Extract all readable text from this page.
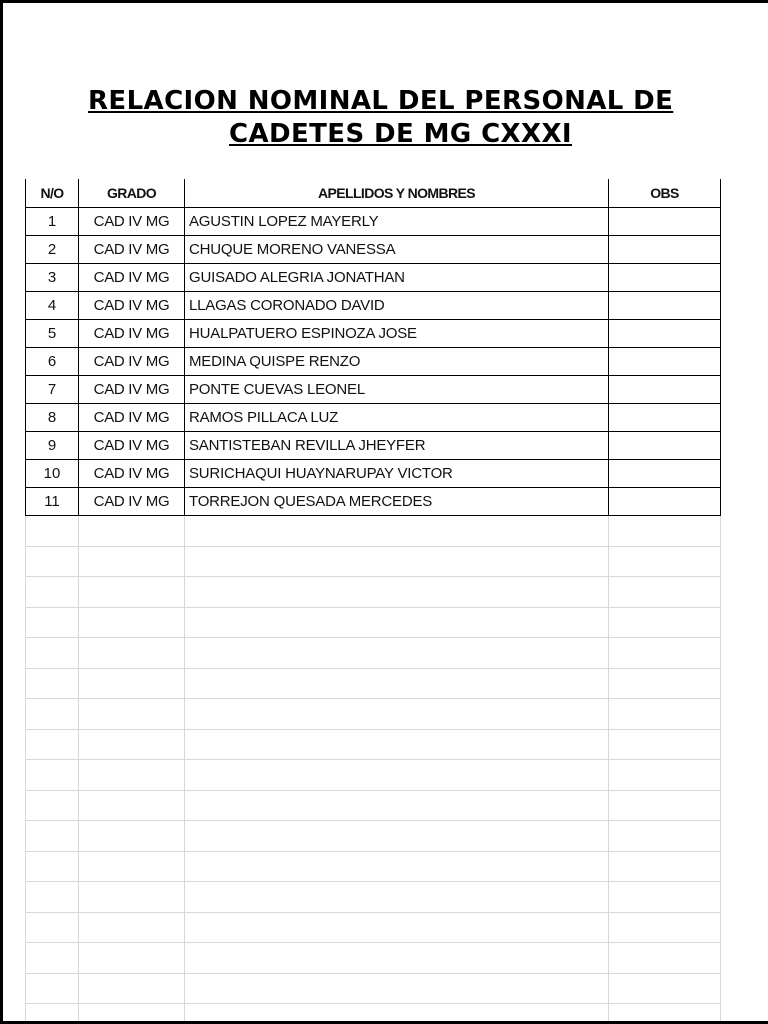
RELACION NOMINAL DEL PERSONAL DE
CADETES DE MG CXXXI
N/O	GRADO	APELLIDOS Y NOMBRES	OBS
1	CAD IV MG	AGUSTIN LOPEZ MAYERLY	
2	CAD IV MG	CHUQUE MORENO VANESSA	
3	CAD IV MG	GUISADO ALEGRIA JONATHAN	
4	CAD IV MG	LLAGAS CORONADO DAVID	
5	CAD IV MG	HUALPATUERO ESPINOZA JOSE	
6	CAD IV MG	MEDINA QUISPE RENZO	
7	CAD IV MG	PONTE CUEVAS LEONEL	
8	CAD IV MG	RAMOS PILLACA LUZ	
9	CAD IV MG	SANTISTEBAN REVILLA JHEYFER	
10	CAD IV MG	SURICHAQUI HUAYNARUPAY VICTOR	
11	CAD IV MG	TORREJON QUESADA MERCEDES	
